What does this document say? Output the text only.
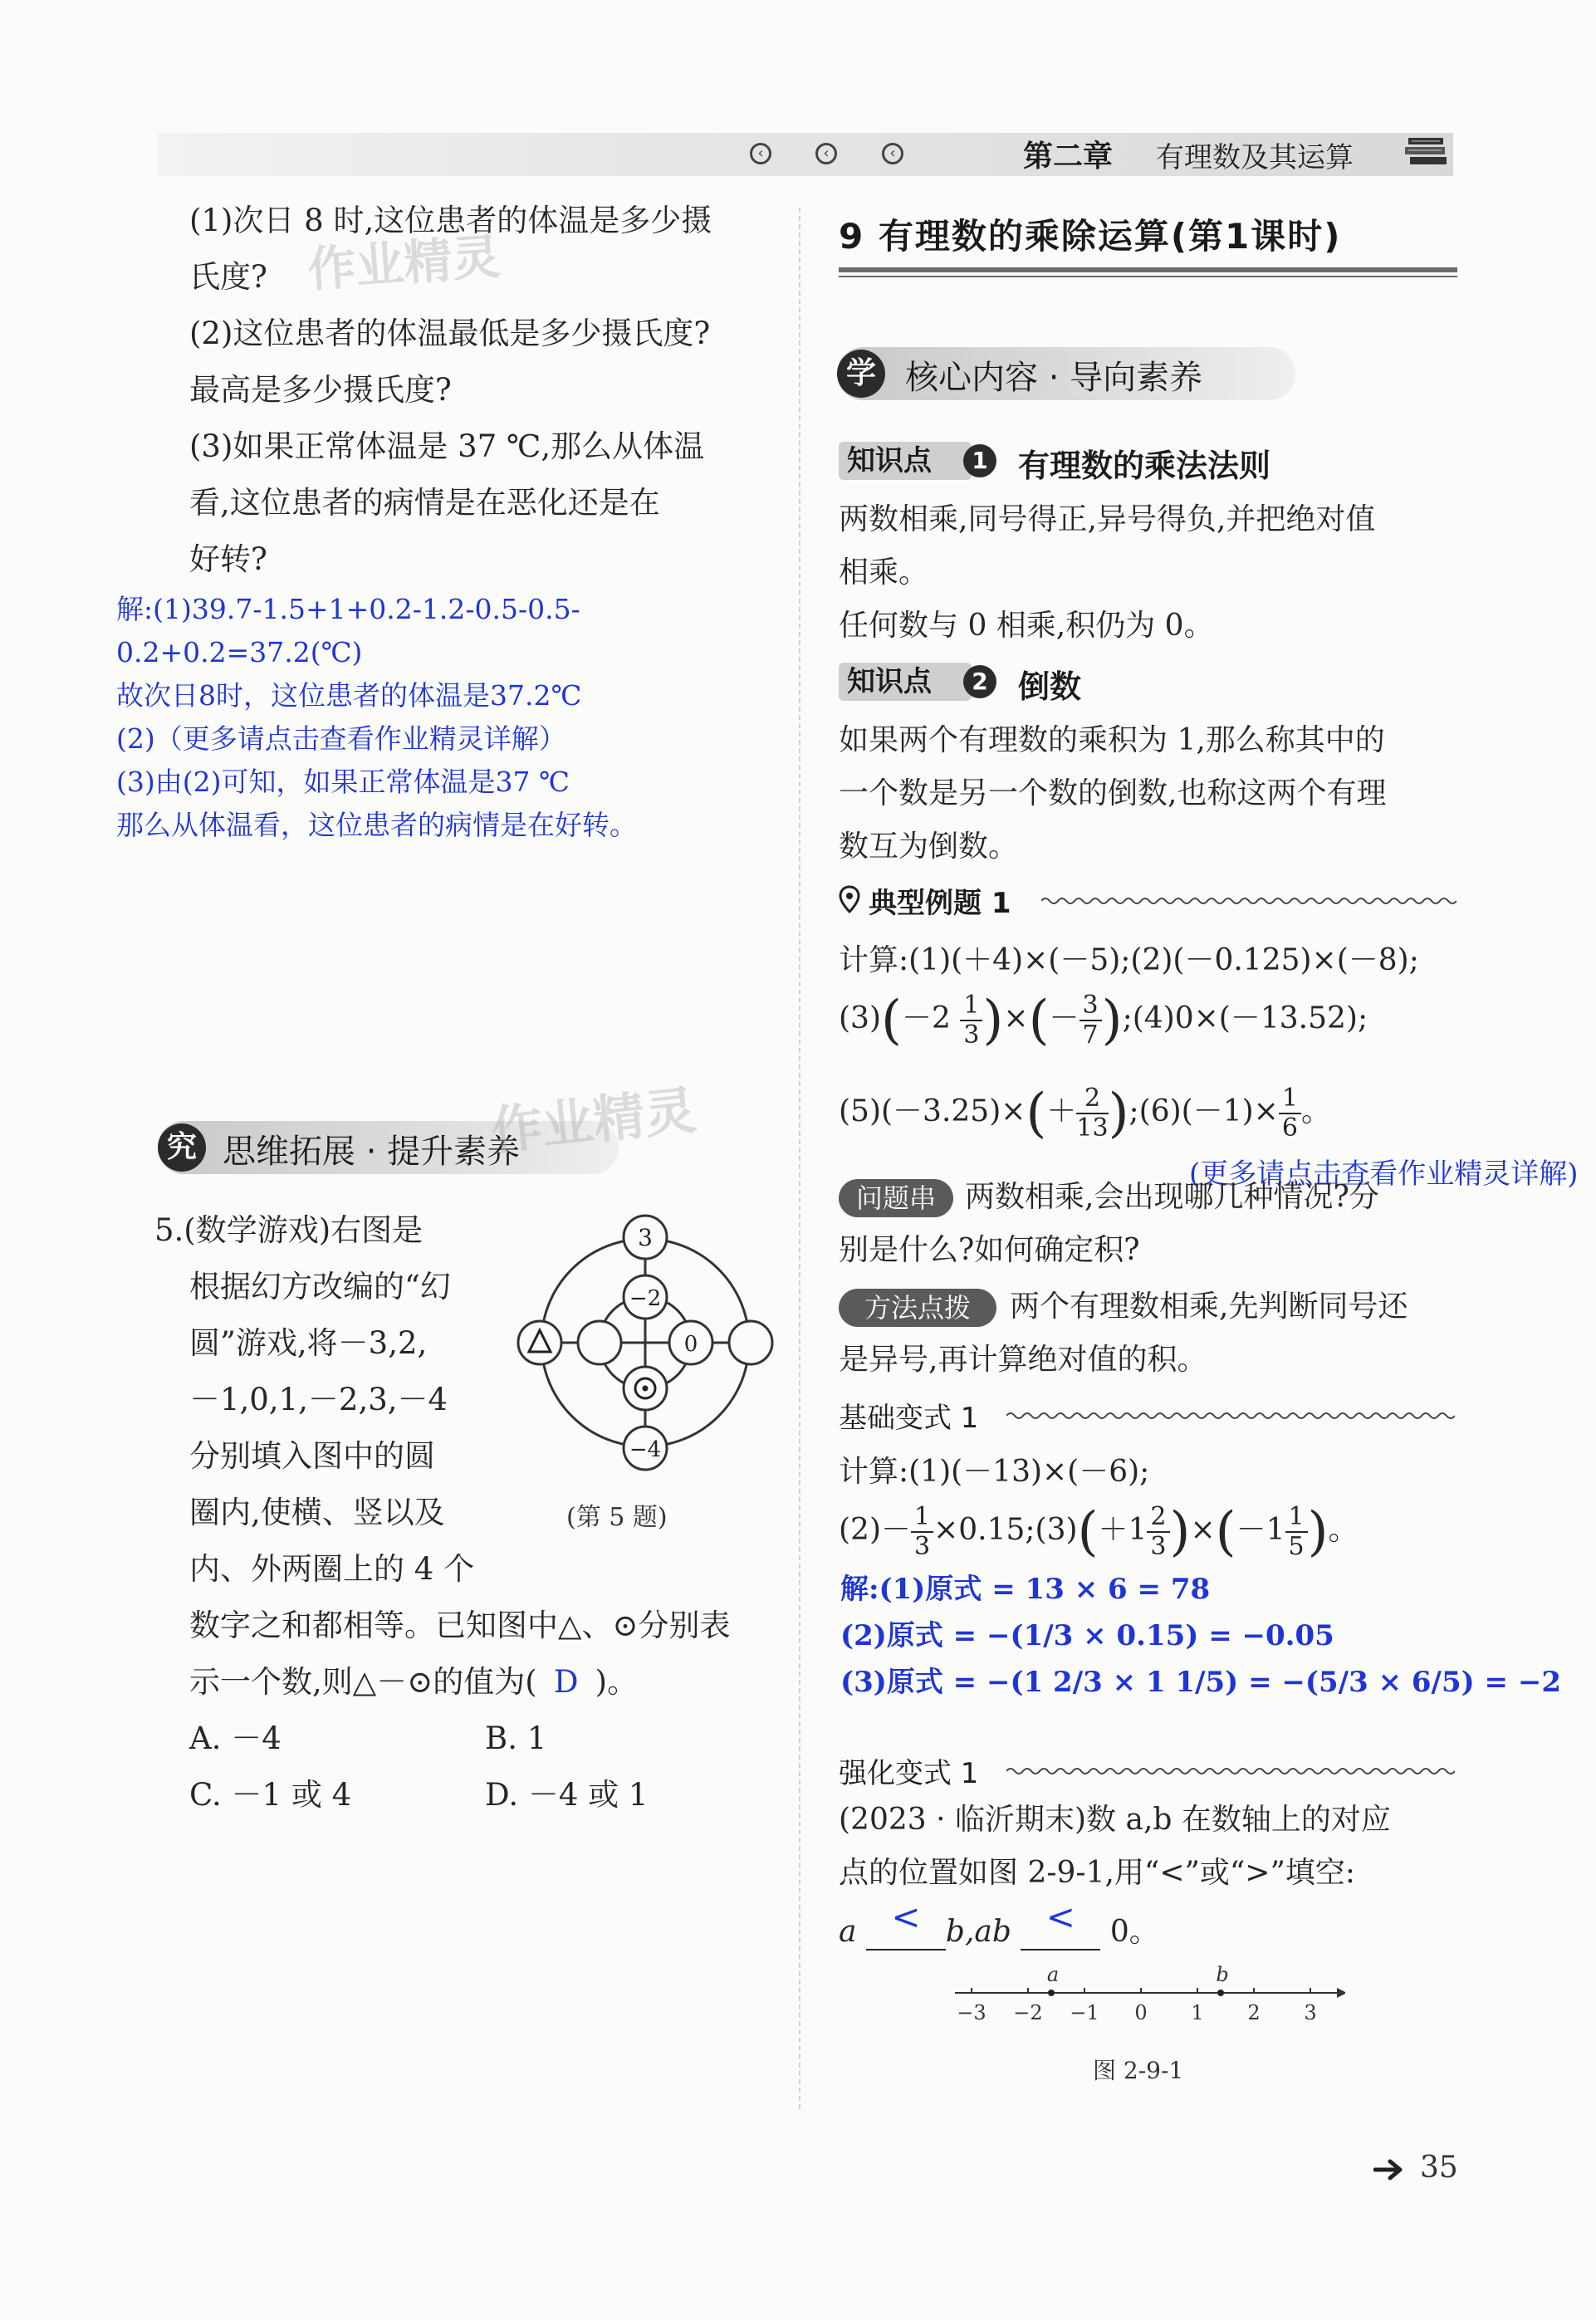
‹	‹	‹	第二章 有理数及其运算
(1)次日 8 时,这位患者的体温是多少摄
氏度?
(2)这位患者的体温最低是多少摄氏度?
最高是多少摄氏度?
(3)如果正常体温是 37 ℃,那么从体温
看,这位患者的病情是在恶化还是在
好转?
作业精灵
解:(1)39.7-1.5+1+0.2-1.2-0.5-0.5-0.2+0.2=37.2(℃)
故次日8时，这位患者的体温是37.2℃
(2)（更多请点击查看作业精灵详解）
(3)由(2)可知，如果正常体温是37 ℃
那么从体温看，这位患者的病情是在好转。
究 思维拓展 · 提升素养
作业精灵
5.(数学游戏)右图是
根据幻方改编的“幻
圆”游戏,将－3,2,
－1,0,1,－2,3,－4
分别填入图中的圆
圈内,使横、竖以及
内、外两圈上的 4 个
数字之和都相等。已知图中△、⊙分别表
示一个数,则△－⊙的值为( D )。
A. －4	B. 1
C. －1 或 4	D. －4 或 1
3
−2
0
−4
(第 5 题)
9 有理数的乘除运算(第1课时)
学 核心内容 · 导向素养
知识点	1 有理数的乘法法则
两数相乘,同号得正,异号得负,并把绝对值
相乘。
任何数与 0 相乘,积仍为 0。
知识点	2 倒数
如果两个有理数的乘积为 1,那么称其中的
一个数是另一个数的倒数,也称这两个有理
数互为倒数。
典型例题 1
计算:(1)(＋4)×(－5);(2)(－0.125)×(－8);
$(3)(-2 \frac{1}{3}$ )×(－ $\frac{3}{7}$ );(4)0×(－13.52);
$(5)(-3.25)\times(+ \frac{2}{13}$ );(6)(－1)× $\frac{1}{6}$ 。
(更多请点击查看作业精灵详解)
问题串 两数相乘,会出现哪几种情况?分
别是什么?如何确定积?
方法点拨	两个有理数相乘,先判断同号还
是异号,再计算绝对值的积。
基础变式 1
计算:(1)(－13)×(－6);
$(2)- \frac{1}{3}$ ×0.15;(3)(＋1 $\frac{2}{3} )\times(-1 \frac{1}{5}$ )。
解:(1)原式 = 13 × 6 = 78
(2)原式 = −(1/3 × 0.15) = −0.05
(3)原式 = −(1 2/3 × 1 1/5) = −(5/3 × 6/5) = −2
强化变式 1
(2023 · 临沂期末)数 a,b 在数轴上的对应
点的位置如图 2-9-1,用“<”或“>”填空:
a < b,ab <	0。
−3 −2 −1 0 1 2 3
a	b
图 2-9-1
35
